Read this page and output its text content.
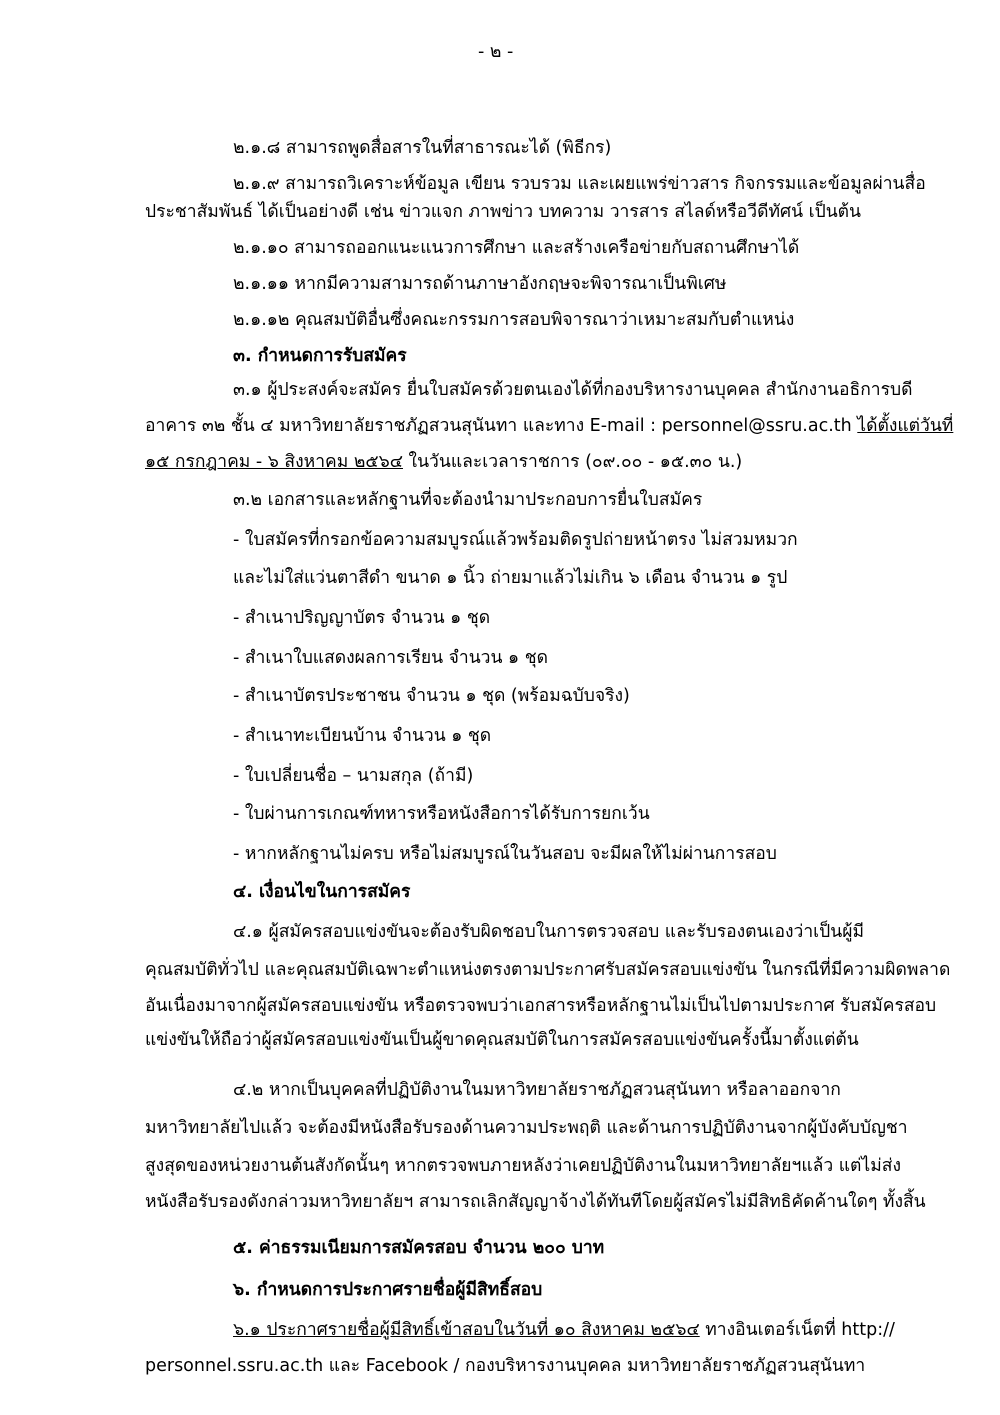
- ๒ -
๒.๑.๘ สามารถพูดสื่อสารในที่สาธารณะได้ (พิธีกร)
๒.๑.๙ สามารถวิเคราะห์ข้อมูล เขียน รวบรวม และเผยแพร่ข่าวสาร กิจกรรมและข้อมูลผ่านสื่อ
ประชาสัมพันธ์ ได้เป็นอย่างดี เช่น ข่าวแจก ภาพข่าว บทความ วารสาร สไลด์หรือวีดีทัศน์ เป็นต้น
๒.๑.๑๐ สามารถออกแนะแนวการศึกษา และสร้างเครือข่ายกับสถานศึกษาได้
๒.๑.๑๑ หากมีความสามารถด้านภาษาอังกฤษจะพิจารณาเป็นพิเศษ
๒.๑.๑๒ คุณสมบัติอื่นซึ่งคณะกรรมการสอบพิจารณาว่าเหมาะสมกับตำแหน่ง
๓. กำหนดการรับสมัคร
๓.๑ ผู้ประสงค์จะสมัคร ยื่นใบสมัครด้วยตนเองได้ที่กองบริหารงานบุคคล สำนักงานอธิการบดี
อาคาร ๓๒ ชั้น ๔ มหาวิทยาลัยราชภัฏสวนสุนันทา และทาง E-mail : personnel@ssru.ac.th ได้ตั้งแต่วันที่
๑๕ กรกฎาคม - ๖ สิงหาคม ๒๕๖๔ ในวันและเวลาราชการ (๐๙.๐๐ - ๑๕.๓๐ น.)
๓.๒ เอกสารและหลักฐานที่จะต้องนำมาประกอบการยื่นใบสมัคร
- ใบสมัครที่กรอกข้อความสมบูรณ์แล้วพร้อมติดรูปถ่ายหน้าตรง ไม่สวมหมวก
และไม่ใส่แว่นตาสีดำ ขนาด ๑ นิ้ว ถ่ายมาแล้วไม่เกิน ๖ เดือน จำนวน ๑ รูป
- สำเนาปริญญาบัตร จำนวน ๑ ชุด
- สำเนาใบแสดงผลการเรียน จำนวน ๑ ชุด
- สำเนาบัตรประชาชน จำนวน ๑ ชุด (พร้อมฉบับจริง)
- สำเนาทะเบียนบ้าน จำนวน ๑ ชุด
- ใบเปลี่ยนชื่อ – นามสกุล (ถ้ามี)
- ใบผ่านการเกณฑ์ทหารหรือหนังสือการได้รับการยกเว้น
- หากหลักฐานไม่ครบ หรือไม่สมบูรณ์ในวันสอบ จะมีผลให้ไม่ผ่านการสอบ
๔. เงื่อนไขในการสมัคร
๔.๑ ผู้สมัครสอบแข่งขันจะต้องรับผิดชอบในการตรวจสอบ และรับรองตนเองว่าเป็นผู้มี
คุณสมบัติทั่วไป และคุณสมบัติเฉพาะตำแหน่งตรงตามประกาศรับสมัครสอบแข่งขัน ในกรณีที่มีความผิดพลาด
อันเนื่องมาจากผู้สมัครสอบแข่งขัน หรือตรวจพบว่าเอกสารหรือหลักฐานไม่เป็นไปตามประกาศ รับสมัครสอบ
แข่งขันให้ถือว่าผู้สมัครสอบแข่งขันเป็นผู้ขาดคุณสมบัติในการสมัครสอบแข่งขันครั้งนี้มาตั้งแต่ต้น
๔.๒ หากเป็นบุคคลที่ปฏิบัติงานในมหาวิทยาลัยราชภัฏสวนสุนันทา หรือลาออกจาก
มหาวิทยาลัยไปแล้ว จะต้องมีหนังสือรับรองด้านความประพฤติ และด้านการปฏิบัติงานจากผู้บังคับบัญชา
สูงสุดของหน่วยงานต้นสังกัดนั้นๆ หากตรวจพบภายหลังว่าเคยปฏิบัติงานในมหาวิทยาลัยฯแล้ว แต่ไม่ส่ง
หนังสือรับรองดังกล่าวมหาวิทยาลัยฯ สามารถเลิกสัญญาจ้างได้ทันทีโดยผู้สมัครไม่มีสิทธิคัดค้านใดๆ ทั้งสิ้น
๕. ค่าธรรมเนียมการสมัครสอบ จำนวน ๒๐๐ บาท
๖. กำหนดการประกาศรายชื่อผู้มีสิทธิ์สอบ
๖.๑ ประกาศรายชื่อผู้มีสิทธิ์เข้าสอบในวันที่ ๑๐ สิงหาคม ๒๕๖๔ ทางอินเตอร์เน็ตที่ http://
personnel.ssru.ac.th และ Facebook / กองบริหารงานบุคคล มหาวิทยาลัยราชภัฏสวนสุนันทา
